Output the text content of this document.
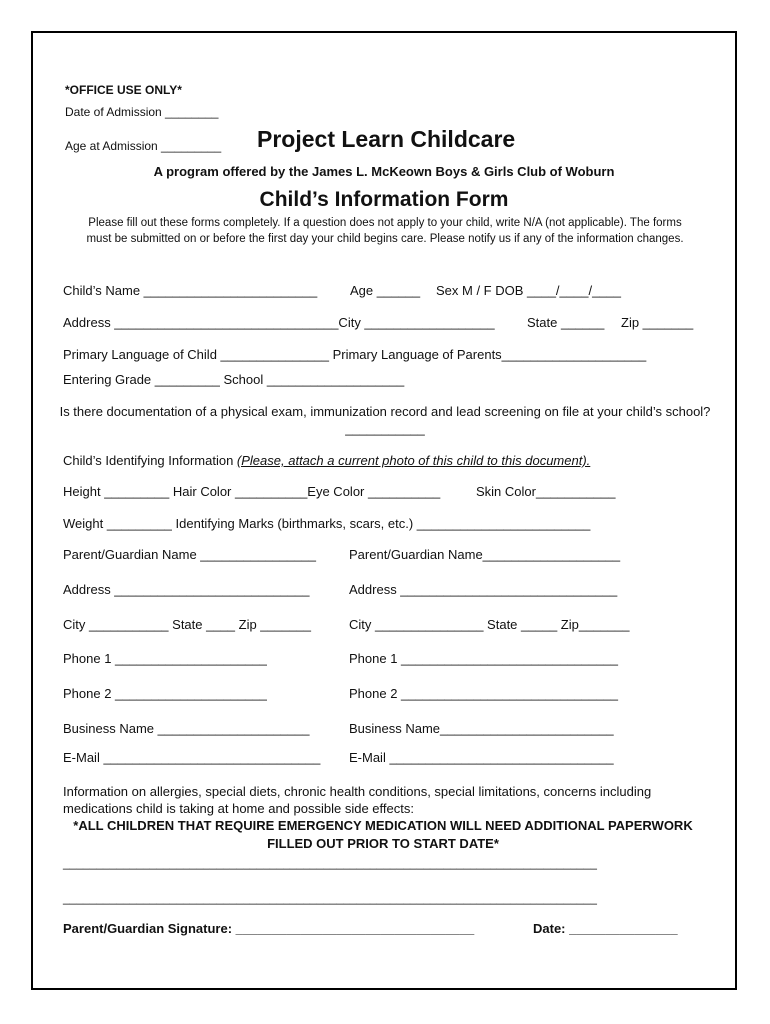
*OFFICE USE ONLY*
Date of Admission ________
Age at Admission _________ Project Learn Childcare
A program offered by the James L. McKeown Boys & Girls Club of Woburn
Child’s Information Form
Please fill out these forms completely. If a question does not apply to your child, write N/A (not applicable). The forms must be submitted on or before the first day your child begins care. Please notify us if any of the information changes.
Child’s Name ________________________	Age ______ Sex M / F DOB ____/____/____
Address _______________________________City __________________ State ______ Zip _______
Primary Language of Child _______________ Primary Language of Parents____________________
Entering Grade _________ School ___________________
Is there documentation of a physical exam, immunization record and lead screening on file at your child’s school? ___________
Child’s Identifying Information (Please, attach a current photo of this child to this document).
Height _________ Hair Color __________Eye Color __________	Skin Color___________
Weight _________ Identifying Marks (birthmarks, scars, etc.) ________________________
Parent/Guardian Name ________________	Parent/Guardian Name___________________
Address ___________________________	Address ______________________________
City ___________ State ____ Zip _______	City _______________ State _____ Zip_______
Phone 1 _____________________	Phone 1 ______________________________
Phone 2 _____________________	Phone 2 ______________________________
Business Name _____________________	Business Name________________________
E-Mail ______________________________ E-Mail _______________________________
Information on allergies, special diets, chronic health conditions, special limitations, concerns including medications child is taking at home and possible side effects:
*ALL CHILDREN THAT REQUIRE EMERGENCY MEDICATION WILL NEED ADDITIONAL PAPERWORK FILLED OUT PRIOR TO START DATE*
________________________________________________________________________________
________________________________________________________________________________
Parent/Guardian Signature: _________________________________	Date: _______________
